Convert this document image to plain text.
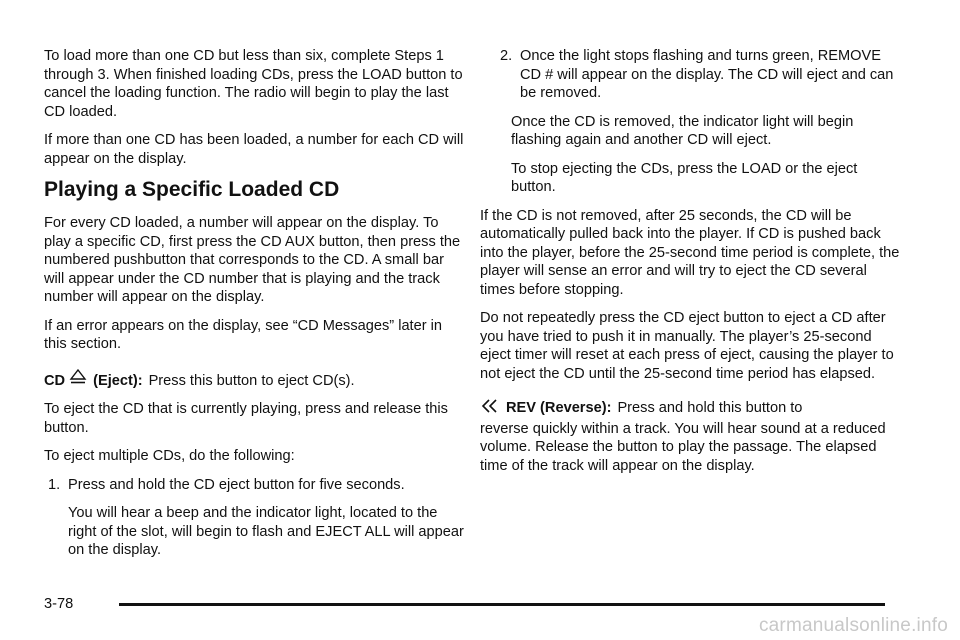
To load more than one CD but less than six, complete Steps 1 through 3. When finished loading CDs, press the LOAD button to cancel the loading function. The radio will begin to play the last CD loaded.

If more than one CD has been loaded, a number for each CD will appear on the display.

Playing a Specific Loaded CD

For every CD loaded, a number will appear on the display. To play a specific CD, first press the CD AUX button, then press the numbered pushbutton that corresponds to the CD. A small bar will appear under the CD number that is playing and the track number will appear on the display.

If an error appears on the display, see “CD Messages” later in this section.

CD (Eject): Press this button to eject CD(s).

To eject the CD that is currently playing, press and release this button.

To eject multiple CDs, do the following:

1. Press and hold the CD eject button for five seconds.

You will hear a beep and the indicator light, located to the right of the slot, will begin to flash and EJECT ALL will appear on the display.

2. Once the light stops flashing and turns green, REMOVE CD # will appear on the display. The CD will eject and can be removed.

Once the CD is removed, the indicator light will begin flashing again and another CD will eject.

To stop ejecting the CDs, press the LOAD or the eject button.

If the CD is not removed, after 25 seconds, the CD will be automatically pulled back into the player. If CD is pushed back into the player, before the 25-second time period is complete, the player will sense an error and will try to eject the CD several times before stopping.

Do not repeatedly press the CD eject button to eject a CD after you have tried to push it in manually. The player’s 25-second eject timer will reset at each press of eject, causing the player to not eject the CD until the 25-second time period has elapsed.

REV (Reverse): Press and hold this button to

reverse quickly within a track. You will hear sound at a reduced volume. Release the button to play the passage. The elapsed time of the track will appear on the display.

3-78
carmanualsonline.info
